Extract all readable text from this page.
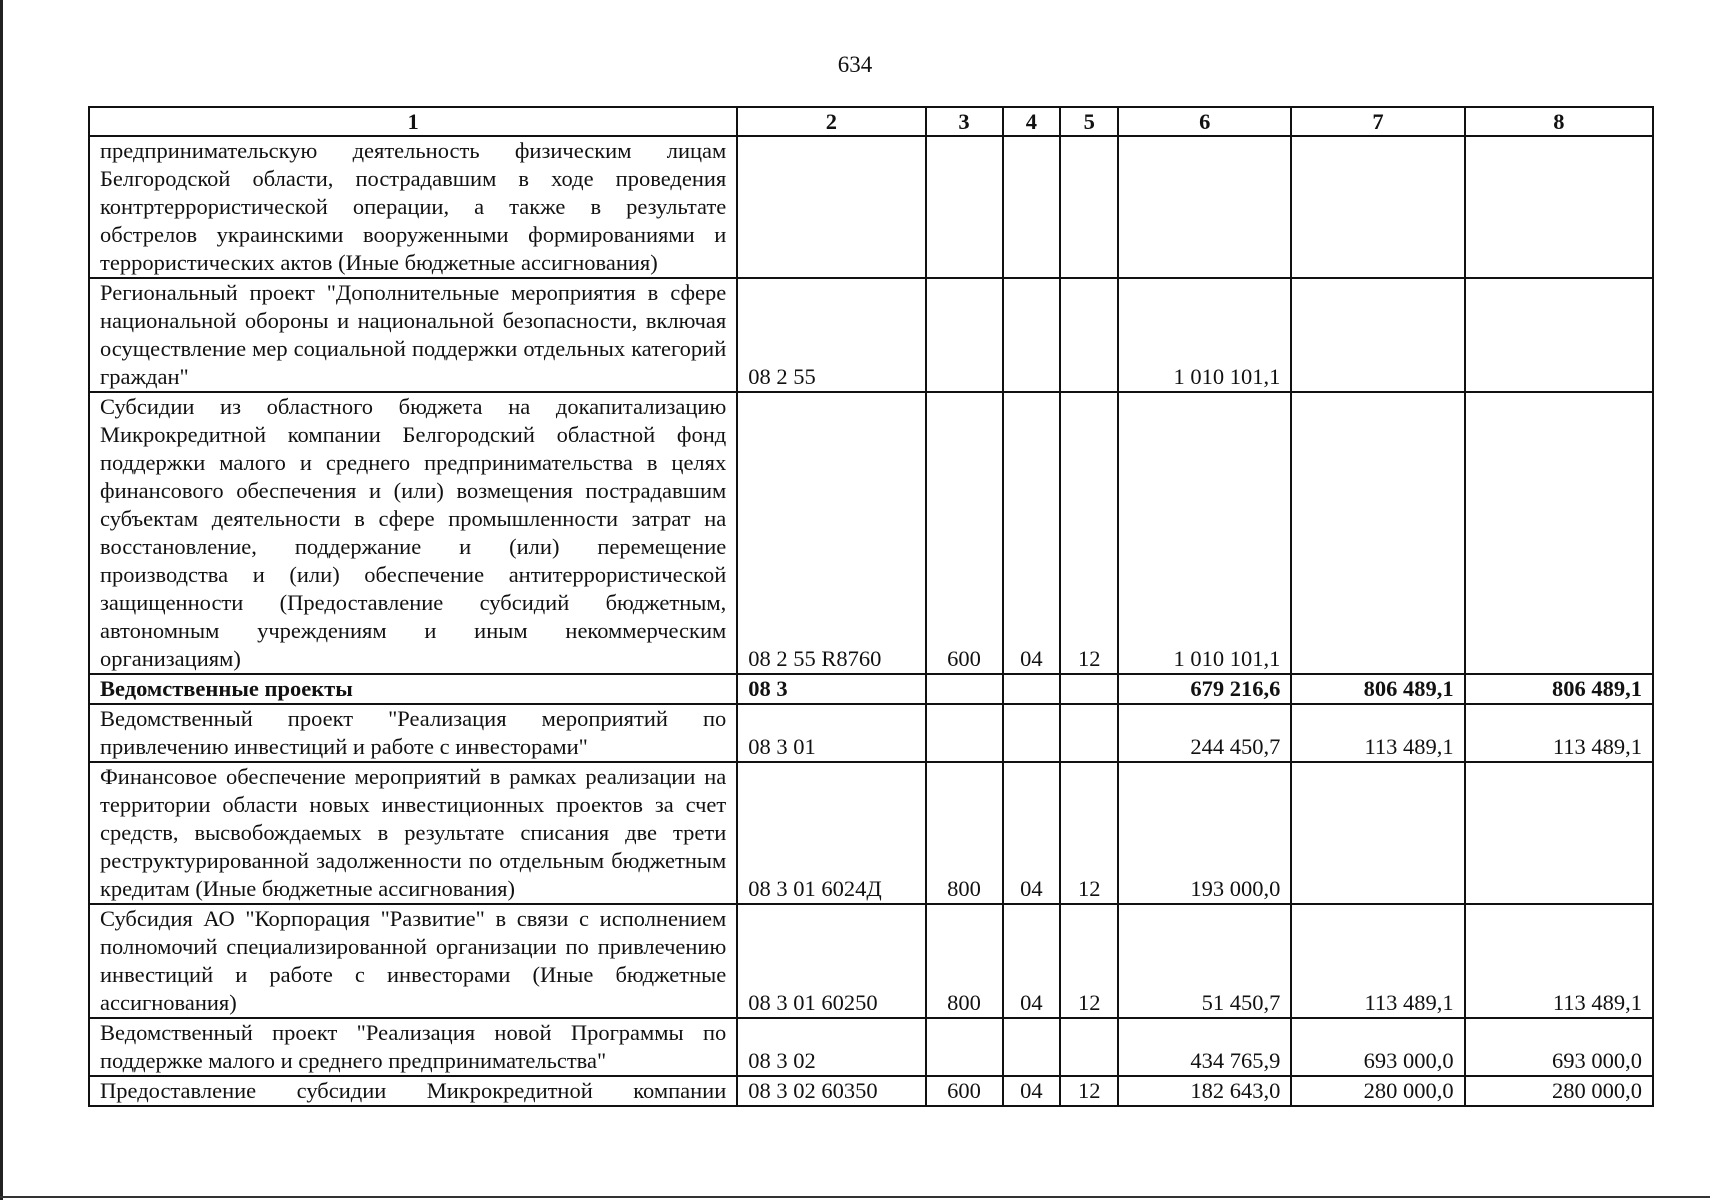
634
1	2	3	4	5	6	7	8
предпринимательскую деятельность физическим лицам Белгородской области, пострадавшим в ходе проведения контртеррористической операции, а также в результате обстрелов украинскими вооруженными формированиями и террористических актов (Иные бюджетные ассигнования)							
Региональный проект "Дополнительные мероприятия в сфере национальной обороны и национальной безопасности, включая осуществление мер социальной поддержки отдельных категорий граждан"	08 2 55				1 010 101,1		
Субсидии из областного бюджета на докапитализацию Микрокредитной компании Белгородский областной фонд поддержки малого и среднего предпринимательства в целях финансового обеспечения и (или) возмещения пострадавшим субъектам деятельности в сфере промышленности затрат на восстановление, поддержание и (или) перемещение производства и (или) обеспечение антитеррористической защищенности (Предоставление субсидий бюджетным, автономным учреждениям и иным некоммерческим организациям)	08 2 55 R8760	600	04	12	1 010 101,1		
Ведомственные проекты	08 3				679 216,6	806 489,1	806 489,1
Ведомственный проект "Реализация мероприятий по привлечению инвестиций и работе с инвесторами"	08 3 01				244 450,7	113 489,1	113 489,1
Финансовое обеспечение мероприятий в рамках реализации на территории области новых инвестиционных проектов за счет средств, высвобождаемых в результате списания две трети реструктурированной задолженности по отдельным бюджетным кредитам (Иные бюджетные ассигнования)	08 3 01 6024Д	800	04	12	193 000,0		
Субсидия АО "Корпорация "Развитие" в связи с исполнением полномочий специализированной организации по привлечению инвестиций и работе с инвесторами (Иные бюджетные ассигнования)	08 3 01 60250	800	04	12	51 450,7	113 489,1	113 489,1
Ведомственный проект "Реализация новой Программы по поддержке малого и среднего предпринимательства"	08 3 02				434 765,9	693 000,0	693 000,0
Предоставление субсидии Микрокредитной компании	08 3 02 60350	600	04	12	182 643,0	280 000,0	280 000,0
